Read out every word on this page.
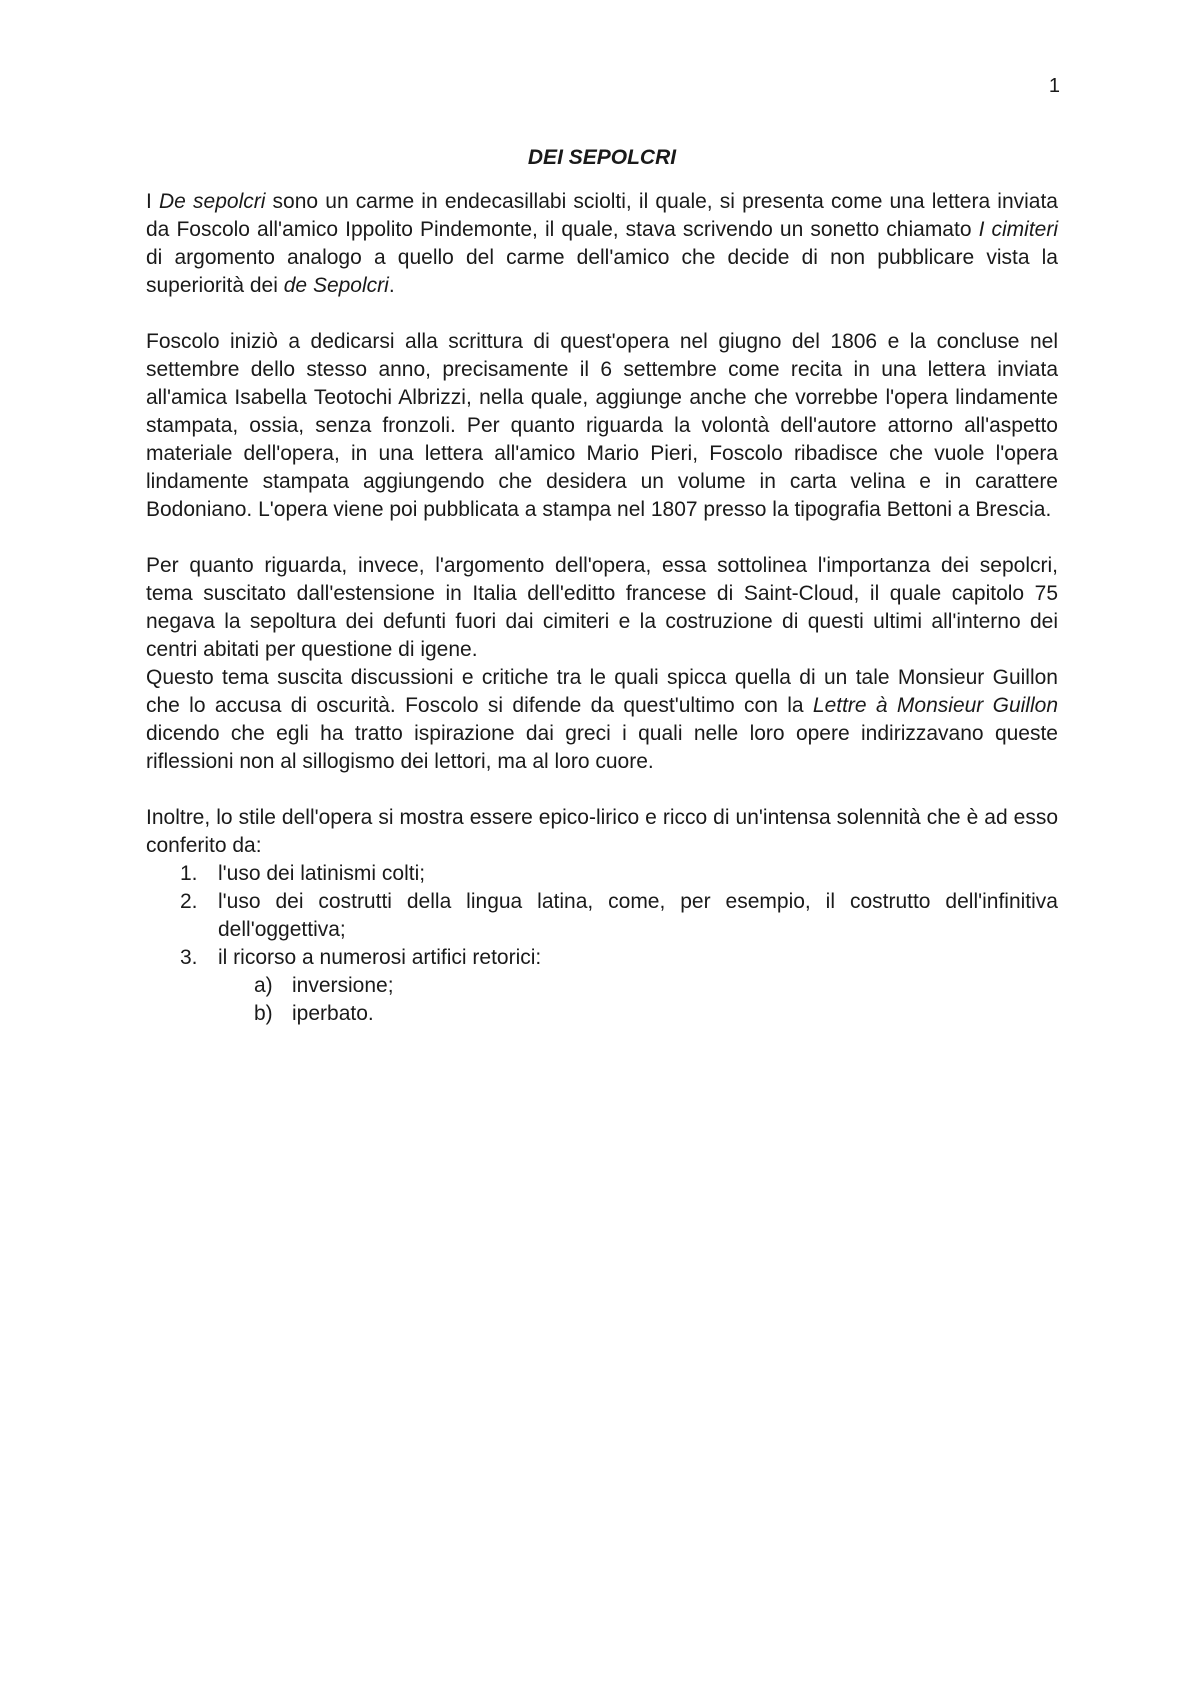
1
DEI SEPOLCRI

I De sepolcri sono un carme in endecasillabi sciolti, il quale, si presenta come una lettera inviata da Foscolo all'amico Ippolito Pindemonte, il quale, stava scrivendo un sonetto chiamato I cimiteri di argomento analogo a quello del carme dell'amico che decide di non pubblicare vista la superiorità dei de Sepolcri.

Foscolo iniziò a dedicarsi alla scrittura di quest'opera nel giugno del 1806 e la concluse nel settembre dello stesso anno, precisamente il 6 settembre come recita in una lettera inviata all'amica Isabella Teotochi Albrizzi, nella quale, aggiunge anche che vorrebbe l'opera lindamente stampata, ossia, senza fronzoli. Per quanto riguarda la volontà dell'autore attorno all'aspetto materiale dell'opera, in una lettera all'amico Mario Pieri, Foscolo ribadisce che vuole l'opera lindamente stampata aggiungendo che desidera un volume in carta velina e in carattere Bodoniano. L'opera viene poi pubblicata a stampa nel 1807 presso la tipografia Bettoni a Brescia.

Per quanto riguarda, invece, l'argomento dell'opera, essa sottolinea l'importanza dei sepolcri, tema suscitato dall'estensione in Italia dell'editto francese di Saint-Cloud, il quale capitolo 75 negava la sepoltura dei defunti fuori dai cimiteri e la costruzione di questi ultimi all'interno dei centri abitati per questione di igene.

Questo tema suscita discussioni e critiche tra le quali spicca quella di un tale Monsieur Guillon che lo accusa di oscurità. Foscolo si difende da quest'ultimo con la Lettre à Monsieur Guillon dicendo che egli ha tratto ispirazione dai greci i quali nelle loro opere indirizzavano queste riflessioni non al sillogismo dei lettori, ma al loro cuore.

Inoltre, lo stile dell'opera si mostra essere epico-lirico e ricco di un'intensa solennità che è ad esso conferito da:

1. l'uso dei latinismi colti;
2. l'uso dei costrutti della lingua latina, come, per esempio, il costrutto dell'infinitiva dell'oggettiva;
3. il ricorso a numerosi artifici retorici:
a) inversione;
b) iperbato.
